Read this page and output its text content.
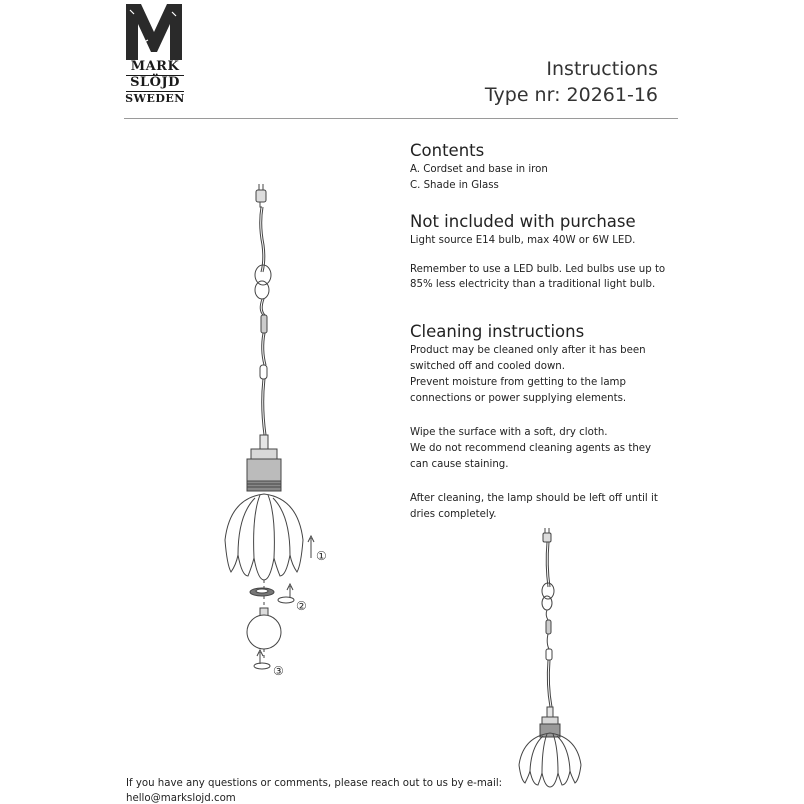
MARK
SLÖJD
SWEDEN
Instructions
Type nr: 20261-16
Contents
A. Cordset and base in iron
C. Shade in Glass
Not included with purchase
Light source E14 bulb, max 40W or 6W LED.
Remember to use a LED bulb. Led bulbs use up to
85% less electricity than a traditional light bulb.
Cleaning instructions
Product may be cleaned only after it has been
switched off and cooled down.
Prevent moisture from getting to the lamp
connections or power supplying elements.
Wipe the surface with a soft, dry cloth.
We do not recommend cleaning agents as they
can cause staining.
After cleaning, the lamp should be left off until it
dries completely.
①
②
③
If you have any questions or comments, please reach out to us by e-mail:
hello@markslojd.com
